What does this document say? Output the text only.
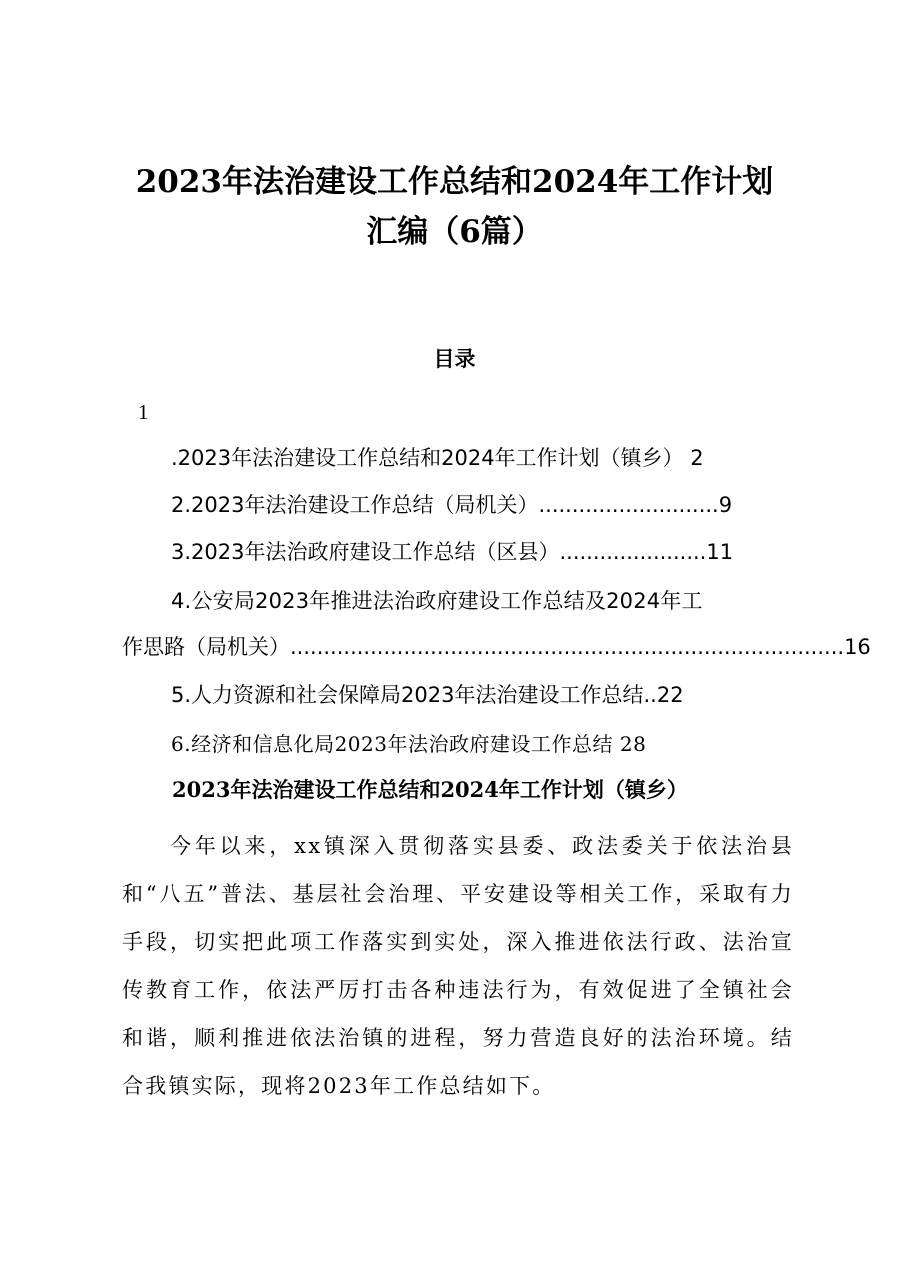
2023年法治建设工作总结和2024年工作计划
汇编（6篇）
目录
1
.2023年法治建设工作总结和2024年工作计划（镇乡） 2
2.2023年法治建设工作总结（局机关）...........................9
3.2023年法治政府建设工作总结（区县）......................11
4.公安局2023年推进法治政府建设工作总结及2024年工
作思路（局机关）...................................................................................16
5.人力资源和社会保障局2023年法治建设工作总结..22
6.经济和信息化局2023年法治政府建设工作总结 28
2023年法治建设工作总结和2024年工作计划（镇乡）

今年以来，xx镇深入贯彻落实县委、政法委关于依法治县和“八五”普法、基层社会治理、平安建设等相关工作，采取有力手段，切实把此项工作落实到实处，深入推进依法行政、法治宣传教育工作，依法严厉打击各种违法行为，有效促进了全镇社会和谐，顺利推进依法治镇的进程，努力营造良好的法治环境。结合我镇实际，现将2023年工作总结如下。
